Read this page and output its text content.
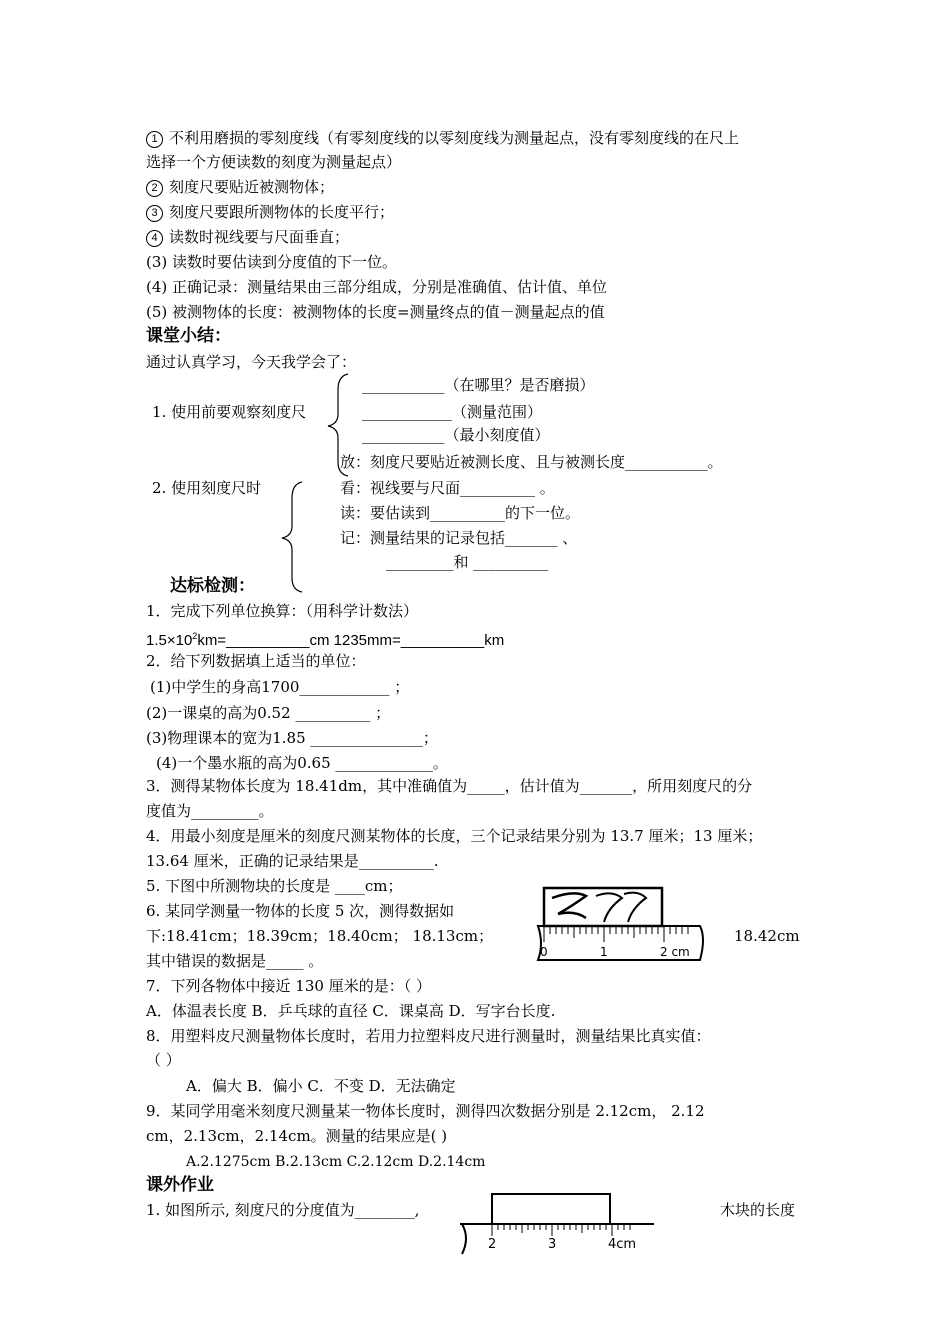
1 不利用磨损的零刻度线（有零刻度线的以零刻度线为测量起点，没有零刻度线的在尺上
选择一个方便读数的刻度为测量起点）
2 刻度尺要贴近被测物体；
3 刻度尺要跟所测物体的长度平行；
4 读数时视线要与尺面垂直；
(3) 读数时要估读到分度值的下一位。
(4) 正确记录：测量结果由三部分组成，分别是准确值、估计值、单位
(5) 被测物体的长度：被测物体的长度=测量终点的值－测量起点的值
课堂小结：
通过认真学习，今天我学会了：
1. 使用前要观察刻度尺
___________（在哪里？是否磨损）
____________（测量范围）
___________（最小刻度值）
放：刻度尺要贴近被测长度、且与被测长度___________。
2. 使用刻度尺时	看：视线要与尺面__________ 。
读：要估读到__________的下一位。
记：测量结果的记录包括_______ 、
_________和 __________
达标检测：
1．完成下列单位换算：（用科学计数法）
$1.5\times 10^2km=\_\_\_\_\_\_\_\_\_\_cm$ 1235mm=__________km
2．给下列数据填上适当的单位：
(1)中学生的身高1700____________ ；
(2)一课桌的高为0.52 __________ ；
(3)物理课本的宽为1.85 _______________；
(4)一个墨水瓶的高为0.65 _____________。
3．测得某物体长度为 18.41dm，其中准确值为_____，估计值为_______，所用刻度尺的分
度值为_________。
4．用最小刻度是厘米的刻度尺测某物体的长度，三个记录结果分别为 13.7 厘米；13 厘米；
13.64 厘米，正确的记录结果是__________.
5. 下图中所测物块的长度是 ____cm；
6. 某同学测量一物体的长度 5 次，测得数据如
下:18.41cm；18.39cm；18.40cm； 18.13cm；	18.42cm
其中错误的数据是_____ 。	0	1	2 cm
7．下列各物体中接近 130 厘米的是：（ ）
A．体温表长度 B．乒乓球的直径 C．课桌高 D．写字台长度.
8．用塑料皮尺测量物体长度时，若用力拉塑料皮尺进行测量时，测量结果比真实值：
（ ）
A．偏大 B．偏小 C．不变 D．无法确定
9．某同学用毫米刻度尺测量某一物体长度时，测得四次数据分别是 2.12cm， 2.12
cm，2.13cm，2.14cm。测量的结果应是( )
A.2.1275cm B.2.13cm C.2.12cm D.2.14cm
课外作业
1. 如图所示, 刻度尺的分度值为________,	木块的长度
2	3	4cm
